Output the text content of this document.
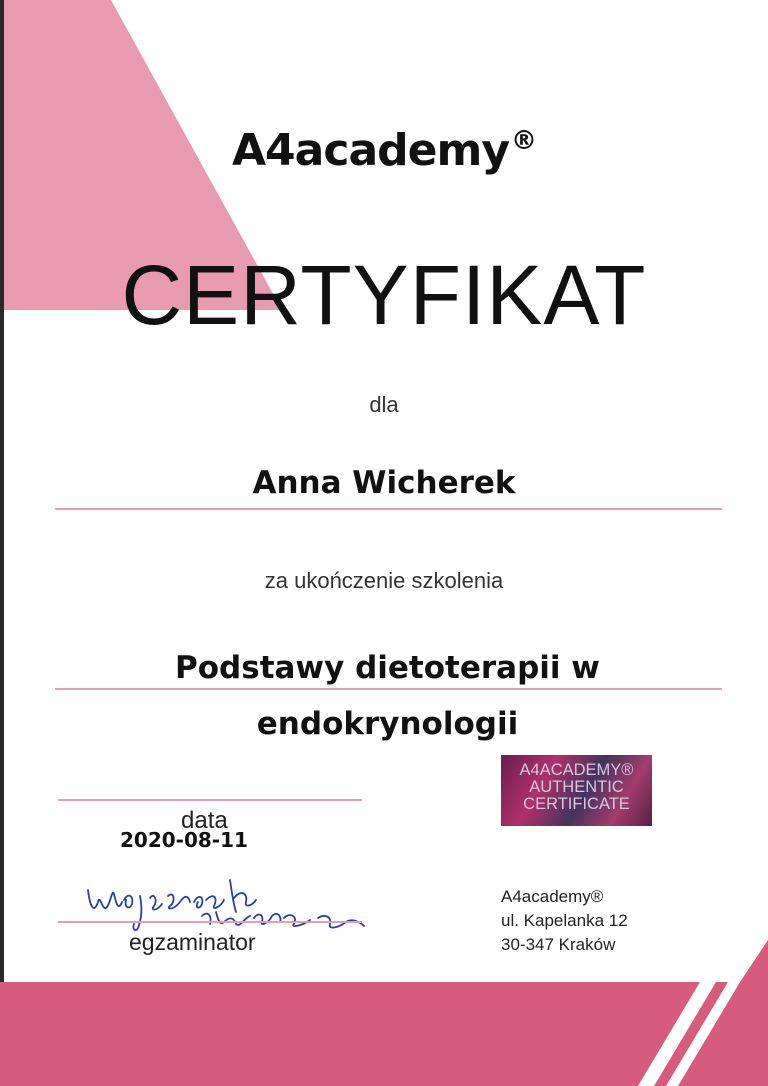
A4academy®
CERTYFIKAT
dla
Anna Wicherek
za ukończenie szkolenia
Podstawy dietoterapii w endokrynologii
A4ACADEMY®
AUTHENTIC
CERTIFICATE
data
2020-08-11
egzaminator
A4academy®
ul. Kapelanka 12
30-347 Kraków
